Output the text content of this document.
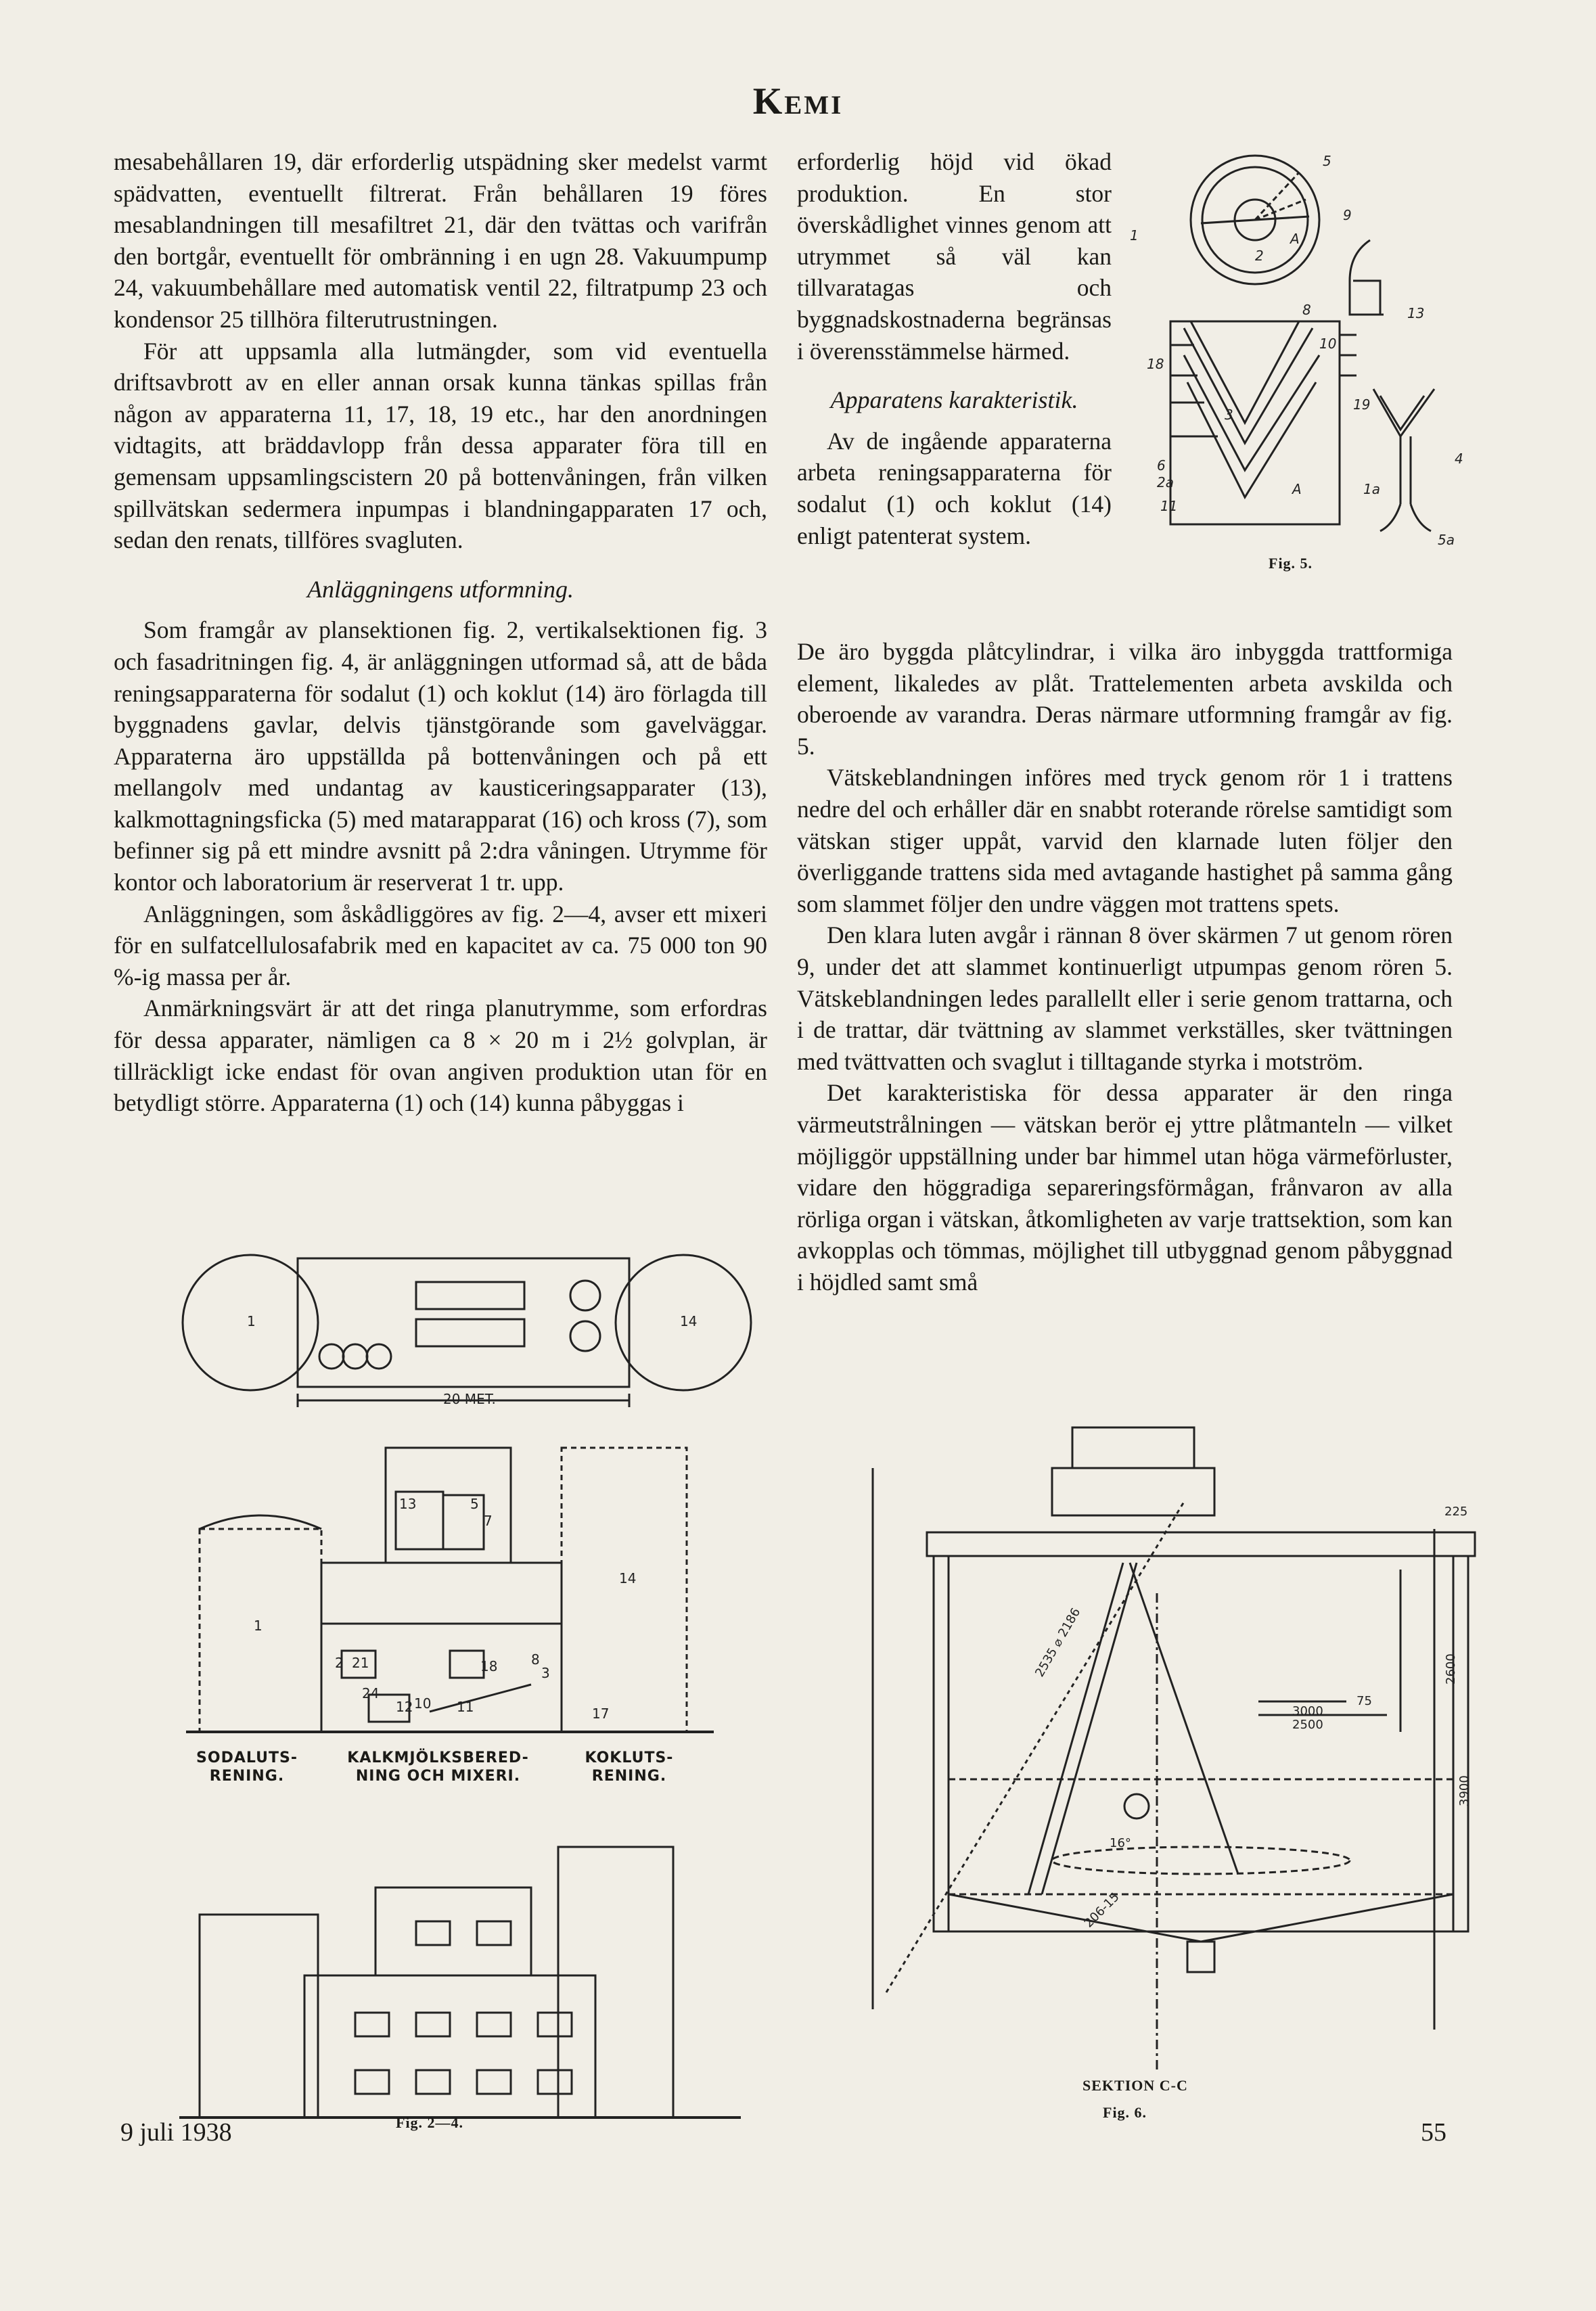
Kemi

mesabehållaren 19, där erforderlig utspädning sker medelst varmt spädvatten, eventuellt filtrerat. Från behållaren 19 föres mesablandningen till mesafiltret 21, där den tvättas och varifrån den bortgår, eventuellt för ombränning i en ugn 28. Vakuumpump 24, vakuumbehållare med automatisk ventil 22, filtratpump 23 och kondensor 25 tillhöra filterutrustningen.

För att uppsamla alla lutmängder, som vid eventuella driftsavbrott av en eller annan orsak kunna tänkas spillas från någon av apparaterna 11, 17, 18, 19 etc., har den anordningen vidtagits, att bräddavlopp från dessa apparater föra till en gemensam uppsamlingscistern 20 på bottenvåningen, från vilken spillvätskan sedermera inpumpas i blandningapparaten 17 och, sedan den renats, tillföres svagluten.

Anläggningens utformning.

Som framgår av plansektionen fig. 2, vertikalsektionen fig. 3 och fasadritningen fig. 4, är anläggningen utformad så, att de båda reningsapparaterna för sodalut (1) och koklut (14) äro förlagda till byggnadens gavlar, delvis tjänstgörande som gavelväggar. Apparaterna äro uppställda på bottenvåningen och på ett mellangolv med undantag av kausticeringsapparater (13), kalkmottagningsficka (5) med matarapparat (16) och kross (7), som befinner sig på ett mindre avsnitt på 2:dra våningen. Utrymme för kontor och laboratorium är reserverat 1 tr. upp.

Anläggningen, som åskådliggöres av fig. 2—4, avser ett mixeri för en sulfatcellulosafabrik med en kapacitet av ca. 75 000 ton 90 %-ig massa per år.

Anmärkningsvärt är att det ringa planutrymme, som erfordras för dessa apparater, nämligen ca 8 × 20 m i 2½ golvplan, är tillräckligt icke endast för ovan angiven produktion utan för en betydligt större. Apparaterna (1) och (14) kunna påbyggas i

erforderlig höjd vid ökad produktion. En stor överskådlighet vinnes genom att utrymmet så väl kan tillvaratagas och byggnadskostnaderna begränsas i överensstämmelse härmed.

Apparatens karakteristik.

Av de ingående apparaterna arbeta reningsapparaterna för sodalut (1) och koklut (14) enligt patenterat system.

De äro byggda plåtcylindrar, i vilka äro inbyggda trattformiga element, likaledes av plåt. Trattelementen arbeta avskilda och oberoende av varandra. Deras närmare utformning framgår av fig. 5.

Vätskeblandningen införes med tryck genom rör 1 i trattens nedre del och erhåller där en snabbt roterande rörelse samtidigt som vätskan stiger uppåt, varvid den klarnade luten följer den överliggande trattens sida med avtagande hastighet på samma gång som slammet följer den undre väggen mot trattens spets.

Den klara luten avgår i rännan 8 över skärmen 7 ut genom rören 9, under det att slammet kontinuerligt utpumpas genom rören 5. Vätskeblandningen ledes parallellt eller i serie genom trattarna, och i de trattar, där tvättning av slammet verkställes, sker tvättningen med tvättvatten och svaglut i tilltagande styrka i motström.

Det karakteristiska för dessa apparater är den ringa värmeutstrålningen — vätskan berör ej yttre plåtmanteln — vilket möjliggör uppställning under bar himmel utan höga värmeförluster, vidare den höggradiga separeringsförmågan, frånvaron av alla rörliga organ i vätskan, åtkomligheten av varje trattsektion, som kan avkopplas och tömmas, möjlighet till utbyggnad genom påbyggnad i höjdled samt små

5
9
1
2
A
13
8
18
10
3
6
2a
11
19
4
1a
5a
A
Fig. 5.
1	14
20 MET.
1
14
13	5
2 21	18
24
12 10 11	17
8
3
7
SODALUTS-RENING.
KALKMJÖLKSBERED-NING OCH MIXERI.
KOKLUTS-RENING.
Fig. 2—4.
2535 ⌀ 2186	2600
3900
75
3000
2500
16°
206-15
225
SEKTION C-C
Fig. 6.
9 juli 1938	55
